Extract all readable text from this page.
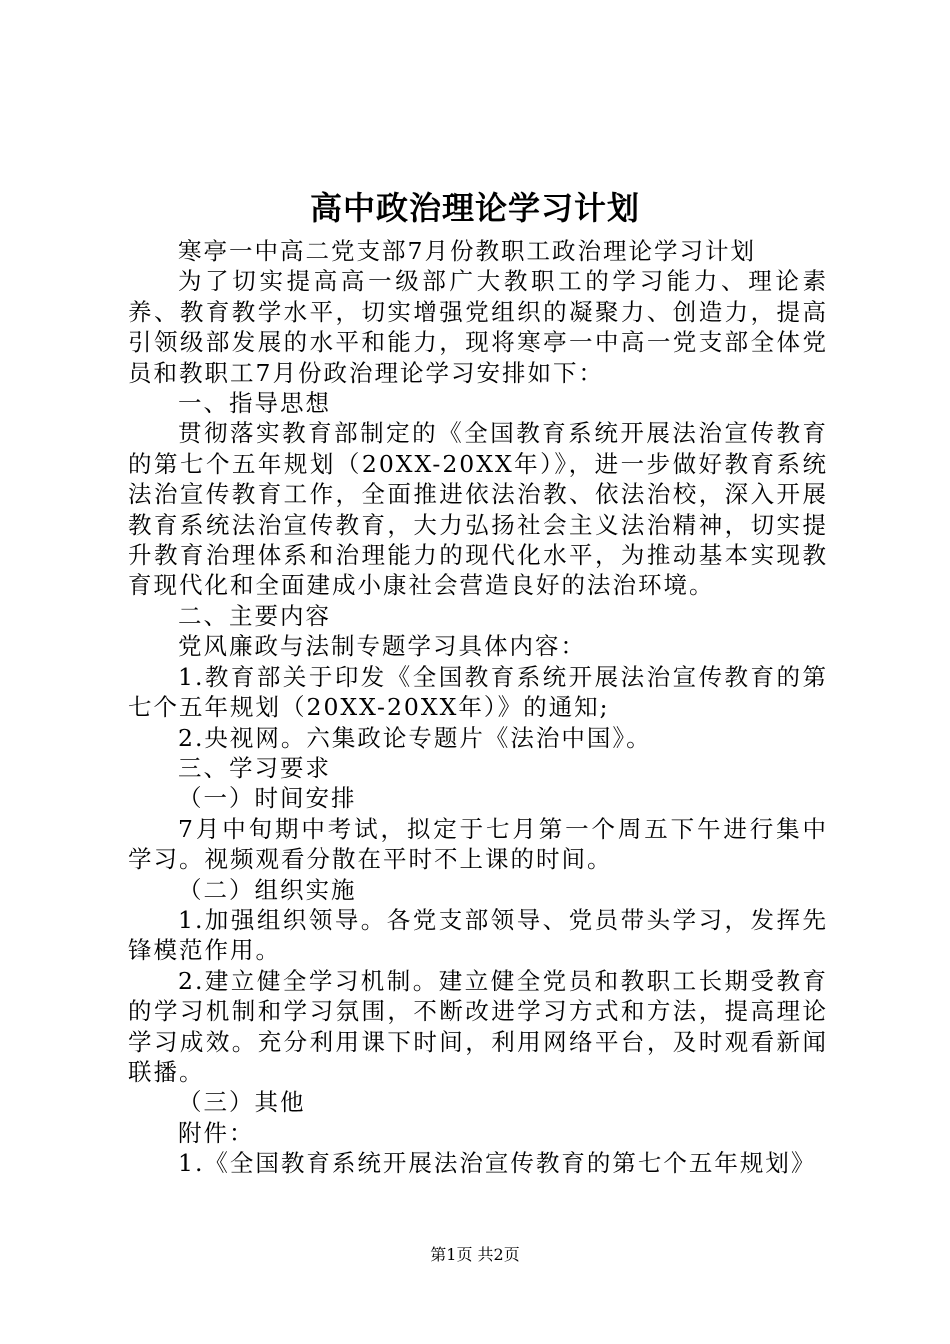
高中政治理论学习计划

寒亭一中高二党支部7月份教职工政治理论学习计划

为了切实提高高一级部广大教职工的学习能力、理论素养、教育教学水平，切实增强党组织的凝聚力、创造力，提高引领级部发展的水平和能力，现将寒亭一中高一党支部全体党员和教职工7月份政治理论学习安排如下：

一、指导思想

贯彻落实教育部制定的《全国教育系统开展法治宣传教育的第七个五年规划（20XX-20XX年）》，进一步做好教育系统法治宣传教育工作，全面推进依法治教、依法治校，深入开展教育系统法治宣传教育，大力弘扬社会主义法治精神，切实提升教育治理体系和治理能力的现代化水平，为推动基本实现教育现代化和全面建成小康社会营造良好的法治环境。

二、主要内容

党风廉政与法制专题学习具体内容：

1.教育部关于印发《全国教育系统开展法治宣传教育的第七个五年规划（20XX-20XX年）》的通知;

2.央视网。六集政论专题片《法治中国》。

三、学习要求

（一）时间安排

7月中旬期中考试，拟定于七月第一个周五下午进行集中学习。视频观看分散在平时不上课的时间。

（二）组织实施

1.加强组织领导。各党支部领导、党员带头学习，发挥先锋模范作用。

2.建立健全学习机制。建立健全党员和教职工长期受教育的学习机制和学习氛围，不断改进学习方式和方法，提高理论学习成效。充分利用课下时间，利用网络平台，及时观看新闻联播。

（三）其他

附件：

1.《全国教育系统开展法治宣传教育的第七个五年规划》

第1页 共2页
